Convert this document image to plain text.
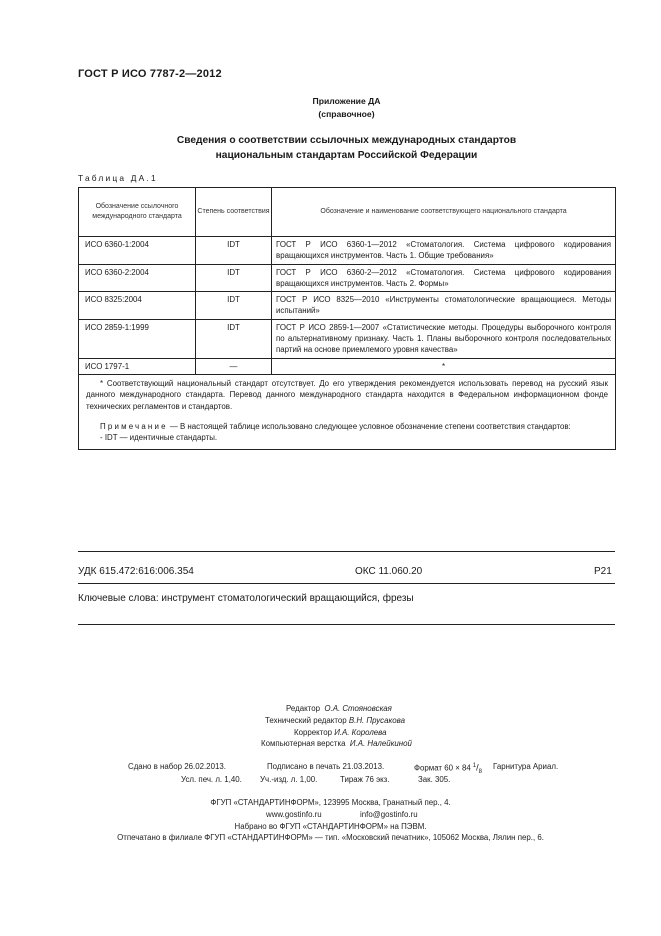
ГОСТ Р ИСО 7787-2—2012
Приложение ДА
(справочное)
Сведения о соответствии ссылочных международных стандартов
национальным стандартам Российской Федерации
Таблица ДА.1
Обозначение ссылочного международного стандарта	Степень соответствия	Обозначение и наименование соответствующего национального стандарта
ИСО 6360-1:2004	IDT	ГОСТ Р ИСО 6360-1—2012 «Стоматология. Система цифрового кодирования вращающихся инструментов. Часть 1. Общие требования»
ИСО 6360-2:2004	IDT	ГОСТ Р ИСО 6360-2—2012 «Стоматология. Система цифрового кодирования вращающихся инструментов. Часть 2. Формы»
ИСО 8325:2004	IDT	ГОСТ Р ИСО 8325—2010 «Инструменты стоматологические вращающиеся. Методы испытаний»
ИСО 2859-1:1999	IDT	ГОСТ Р ИСО 2859-1—2007 «Статистические методы. Процедуры выборочного контроля по альтернативному признаку. Часть 1. Планы выборочного контроля последовательных партий на основе приемлемого уровня качества»
ИСО 1797-1	—	*

* Соответствующий национальный стандарт отсутствует. До его утверждения рекомендуется использовать перевод на русский язык данного международного стандарта. Перевод данного международного стандарта находится в Федеральном информационном фонде технических регламентов и стандартов.

Примечание — В настоящей таблице использовано следующее условное обозначение степени соответствия стандартов:

- IDT — идентичные стандарты.		

УДК 615.472:616:006.354	ОКС 11.060.20	Р21
Ключевые слова: инструмент стоматологический вращающийся, фрезы
Редактор О.А. Стояновская
Технический редактор В.Н. Прусакова
Корректор И.А. Королева
Компьютерная верстка И.А. Налейкиной
Сдано в набор 26.02.2013.	Подписано в печать 21.03.2013.	Формат 60 × 84 $^1/_8$
Гарнитура Ариал.
Усл. печ. л. 1,40. Уч.-изд. л. 1,00.	Тираж 76 экз.	Зак. 305.
ФГУП «СТАНДАРТИНФОРМ», 123995 Москва, Гранатный пер., 4.
www.gostinfo.ru	info@gostinfo.ru
Набрано во ФГУП «СТАНДАРТИНФОРМ» на ПЭВМ.
Отпечатано в филиале ФГУП «СТАНДАРТИНФОРМ» — тип. «Московский печатник», 105062 Москва, Лялин пер., 6.
